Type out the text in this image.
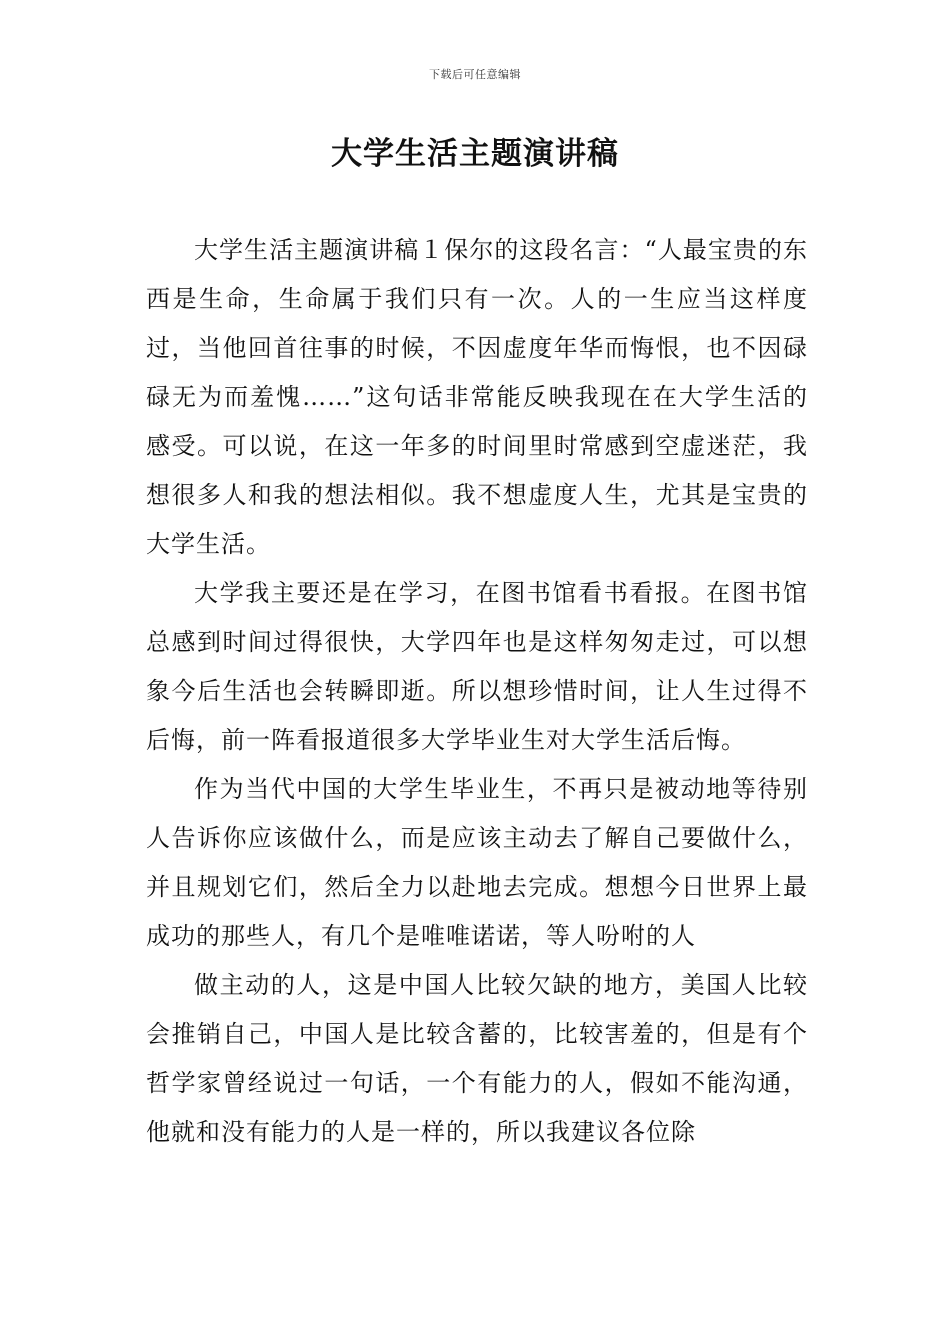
下载后可任意编辑
大学生活主题演讲稿

大学生活主题演讲稿１保尔的这段名言：“人最宝贵的东西是生命，生命属于我们只有一次。人的一生应当这样度过，当他回首往事的时候，不因虚度年华而悔恨，也不因碌碌无为而羞愧……”这句话非常能反映我现在在大学生活的感受。可以说，在这一年多的时间里时常感到空虚迷茫，我想很多人和我的想法相似。我不想虚度人生，尤其是宝贵的大学生活。

大学我主要还是在学习，在图书馆看书看报。在图书馆总感到时间过得很快，大学四年也是这样匆匆走过，可以想象今后生活也会转瞬即逝。所以想珍惜时间，让人生过得不后悔，前一阵看报道很多大学毕业生对大学生活后悔。

作为当代中国的大学生毕业生，不再只是被动地等待别人告诉你应该做什么，而是应该主动去了解自己要做什么，并且规划它们，然后全力以赴地去完成。想想今日世界上最成功的那些人，有几个是唯唯诺诺，等人吩咐的人

做主动的人，这是中国人比较欠缺的地方，美国人比较会推销自己，中国人是比较含蓄的，比较害羞的，但是有个哲学家曾经说过一句话，一个有能力的人，假如不能沟通，他就和没有能力的人是一样的，所以我建议各位除
